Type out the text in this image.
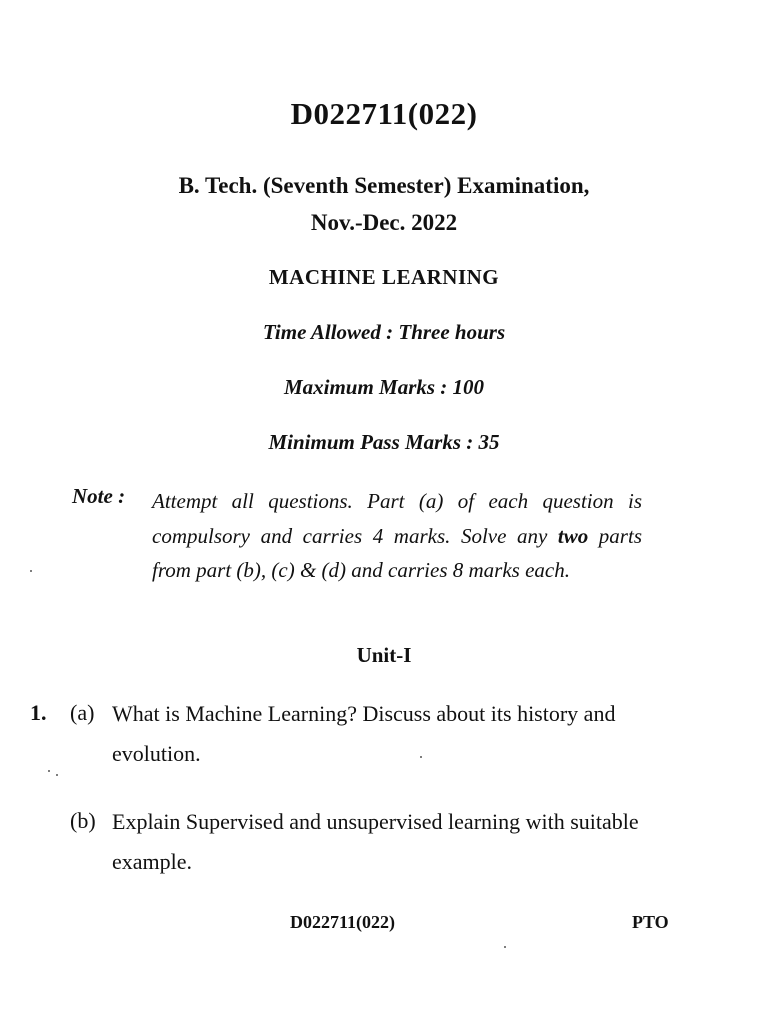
D022711(022)
B. Tech. (Seventh Semester) Examination,
Nov.-Dec. 2022
MACHINE LEARNING
Time Allowed : Three hours
Maximum Marks : 100
Minimum Pass Marks : 35
Note : Attempt all questions. Part (a) of each question is compulsory and carries 4 marks. Solve any two parts from part (b), (c) & (d) and carries 8 marks each.
Unit-I
1. (a) What is Machine Learning? Discuss about its history and evolution.
(b) Explain Supervised and unsupervised learning with suitable example.
D022711(022)	PTO
